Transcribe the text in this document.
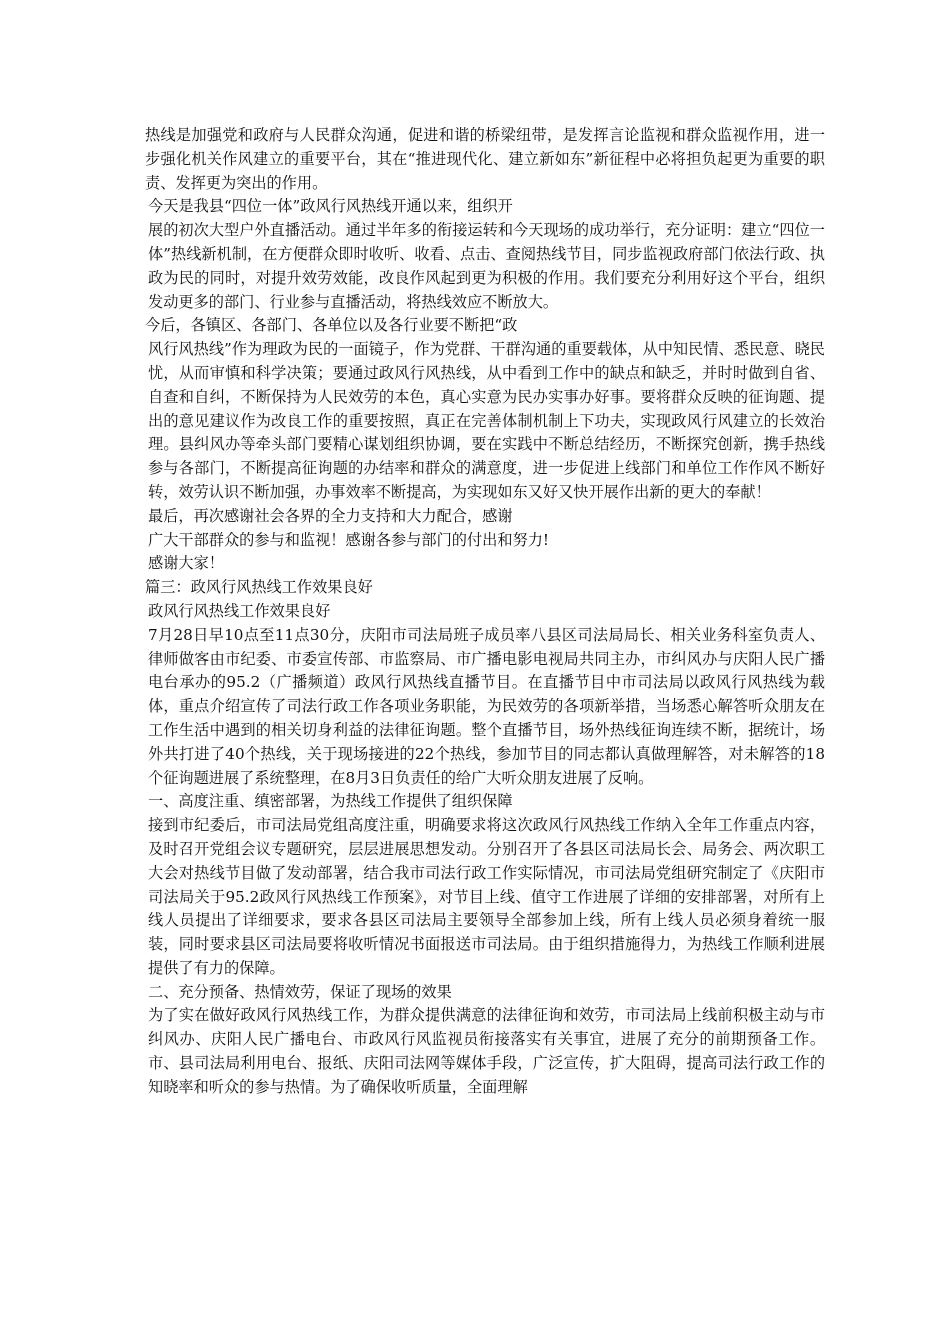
热线是加强党和政府与人民群众沟通，促进和谐的桥梁纽带，是发挥言论监视和群众监视作用，进一步强化机关作风建立的重要平台，其在“推进现代化、建立新如东”新征程中必将担负起更为重要的职责、发挥更为突出的作用。

今天是我县“四位一体”政风行风热线开通以来，组织开

展的初次大型户外直播活动。通过半年多的衔接运转和今天现场的成功举行，充分证明：建立“四位一体”热线新机制，在方便群众即时收听、收看、点击、查阅热线节目，同步监视政府部门依法行政、执政为民的同时，对提升效劳效能，改良作风起到更为积极的作用。我们要充分利用好这个平台，组织发动更多的部门、行业参与直播活动，将热线效应不断放大。

今后，各镇区、各部门、各单位以及各行业要不断把“政

风行风热线”作为理政为民的一面镜子，作为党群、干群沟通的重要载体，从中知民情、悉民意、晓民忧，从而审慎和科学决策；要通过政风行风热线，从中看到工作中的缺点和缺乏，并时时做到自省、自查和自纠，不断保持为人民效劳的本色，真心实意为民办实事办好事。要将群众反映的征询题、提出的意见建议作为改良工作的重要按照，真正在完善体制机制上下功夫，实现政风行风建立的长效治理。县纠风办等牵头部门要精心谋划组织协调，要在实践中不断总结经历，不断探究创新，携手热线参与各部门，不断提高征询题的办结率和群众的满意度，进一步促进上线部门和单位工作作风不断好转，效劳认识不断加强，办事效率不断提高，为实现如东又好又快开展作出新的更大的奉献！

最后，再次感谢社会各界的全力支持和大力配合，感谢

广大干部群众的参与和监视！感谢各参与部门的付出和努力!

感谢大家！

篇三：政风行风热线工作效果良好

政风行风热线工作效果良好

7月28日早10点至11点30分，庆阳市司法局班子成员率八县区司法局局长、相关业务科室负责人、律师做客由市纪委、市委宣传部、市监察局、市广播电影电视局共同主办，市纠风办与庆阳人民广播电台承办的95.2（广播频道）政风行风热线直播节目。在直播节目中市司法局以政风行风热线为载体，重点介绍宣传了司法行政工作各项业务职能，为民效劳的各项新举措，当场悉心解答听众朋友在工作生活中遇到的相关切身利益的法律征询题。整个直播节目，场外热线征询连续不断，据统计，场外共打进了40个热线，关于现场接进的22个热线，参加节目的同志都认真做理解答，对未解答的18个征询题进展了系统整理，在8月3日负责任的给广大听众朋友进展了反响。

一、高度注重、缜密部署，为热线工作提供了组织保障

接到市纪委后，市司法局党组高度注重，明确要求将这次政风行风热线工作纳入全年工作重点内容，及时召开党组会议专题研究，层层进展思想发动。分别召开了各县区司法局长会、局务会、两次职工大会对热线节目做了发动部署，结合我市司法行政工作实际情况，市司法局党组研究制定了《庆阳市司法局关于95.2政风行风热线工作预案》，对节目上线、值守工作进展了详细的安排部署，对所有上线人员提出了详细要求，要求各县区司法局主要领导全部参加上线，所有上线人员必须身着统一服装，同时要求县区司法局要将收听情况书面报送市司法局。由于组织措施得力，为热线工作顺利进展提供了有力的保障。

二、充分预备、热情效劳，保证了现场的效果

为了实在做好政风行风热线工作，为群众提供满意的法律征询和效劳，市司法局上线前积极主动与市纠风办、庆阳人民广播电台、市政风行风监视员衔接落实有关事宜，进展了充分的前期预备工作。市、县司法局利用电台、报纸、庆阳司法网等媒体手段，广泛宣传，扩大阻碍，提高司法行政工作的知晓率和听众的参与热情。为了确保收听质量，全面理解
